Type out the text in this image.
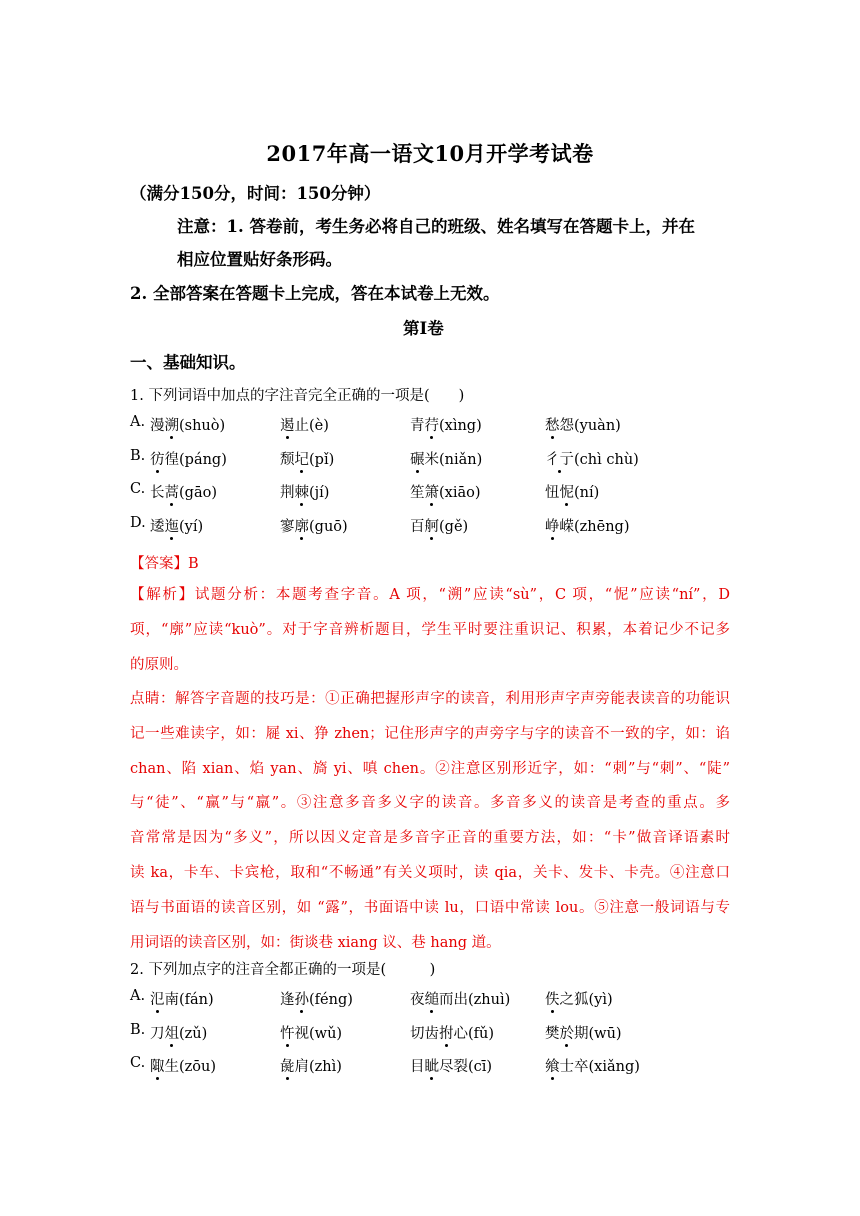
2017年高一语文10月开学考试卷
（满分150分，时间：150分钟）
注意：1. 答卷前，考生务必将自己的班级、姓名填写在答题卡上，并在
相应位置贴好条形码。
2. 全部答案在答题卡上完成，答在本试卷上无效。
第Ⅰ卷
一、基础知识。
1. 下列词语中加点的字注音完全正确的一项是(　　)
A. 漫溯(shuò)	遏止(è)	青荇(xìng)	愁怨(yuàn)
B. 彷徨(páng)	颓圮(pǐ)	碾米(niǎn)	彳亍(chì chù)
C. 长蒿(gāo)	荆棘(jí)	笙箫(xiāo)	忸怩(ní)
D. 逶迤(yí)	寥廓(guō)	百舸(gě)	峥嵘(zhēng)
【答案】B
【解析】试题分析：本题考查字音。A 项，“溯”应读“sù”，C 项，“怩”应读“ní”，D
项，“廓”应读“kuò”。对于字音辨析题目，学生平时要注重识记、积累，本着记少不记多
的原则。
点睛：解答字音题的技巧是：①正确把握形声字的读音，利用形声字声旁能表读音的功能识
记一些难读字，如：屣 xi、狰 zhen；记住形声字的声旁字与字的读音不一致的字，如：谄
chan、陷 xian、焰 yan、旖 yi、嗔 chen。②注意区别形近字，如：“刺”与“刺”、“陡”
与“徒”、“赢”与“羸”。③注意多音多义字的读音。多音多义的读音是考查的重点。多
音常常是因为“多义”，所以因义定音是多音字正音的重要方法，如：“卡”做音译语素时
读 ka，卡车、卡宾枪，取和“不畅通”有关义项时，读 qia，关卡、发卡、卡壳。④注意口
语与书面语的读音区别，如 “露”，书面语中读 lu，口语中常读 lou。⑤注意一般词语与专
用词语的读音区别，如：街谈巷 xiang 议、巷 hang 道。
2. 下列加点字的注音全都正确的一项是(　　　)
A. 氾南(fán)	逢孙(féng)	夜缒而出(zhuì) 佚之狐(yì)
B. 刀俎(zǔ)	忤视(wǔ)	切齿拊心(fǔ)	樊於期(wū)
C. 陬生(zōu)	彘肩(zhì)	目眦尽裂(cī)	飨士卒(xiǎng)
